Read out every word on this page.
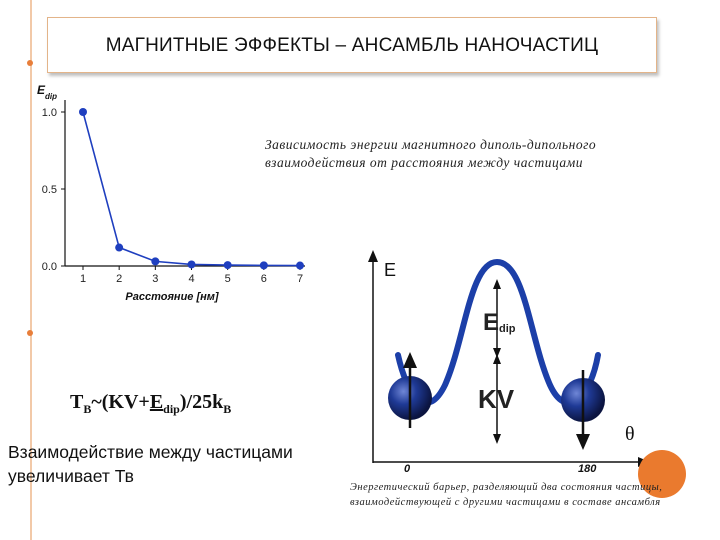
МАГНИТНЫЕ ЭФФЕКТЫ – АНСАМБЛЬ НАНОЧАСТИЦ
0.0
0.5
1.0
1	2	3	4	5	6	7
E dip
Расстояние [нм]
E
θ
0	180
Edip
KV
Зависимость энергии магнитного диполь-дипольного взаимодействия от расстояния между частицами
$T_B\sim(KV+E_{dip})/25k_B$
Взаимодействие между частицами
увеличивает Тв
Энергетический барьер, разделяющий два состояния частицы, взаимодействующей с другими частицами в составе ансамбля
